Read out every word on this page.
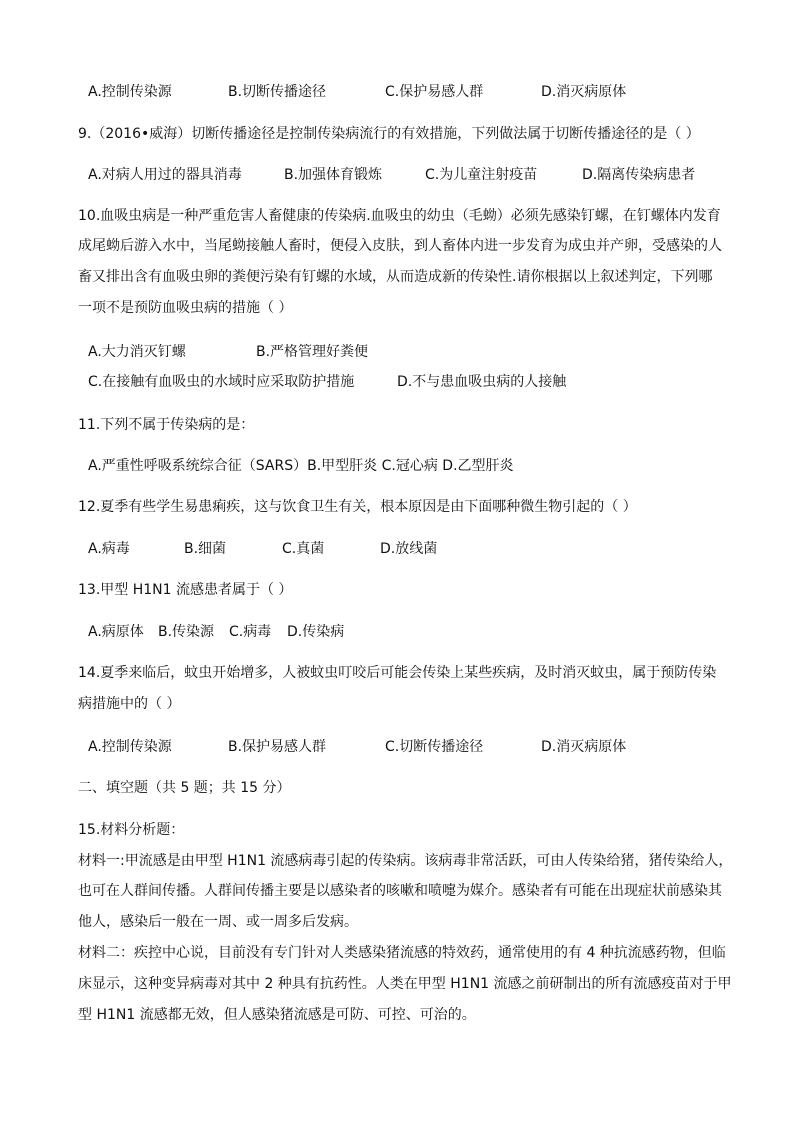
A.控制传染源	B.切断传播途径	C.保护易感人群	D.消灭病原体
9.（2016•威海）切断传播途径是控制传染病流行的有效措施，下列做法属于切断传播途径的是（ ）
A.对病人用过的器具消毒	B.加强体育锻炼	C.为儿童注射疫苗	D.隔离传染病患者
10.血吸虫病是一种严重危害人畜健康的传染病.血吸虫的幼虫（毛蚴）必须先感染钉螺，在钉螺体内发育
成尾蚴后游入水中，当尾蚴接触人畜时，便侵入皮肤，到人畜体内进一步发育为成虫并产卵，受感染的人
畜又排出含有血吸虫卵的粪便污染有钉螺的水域，从而造成新的传染性.请你根据以上叙述判定，下列哪
一项不是预防血吸虫病的措施（ ）
A.大力消灭钉螺	B.严格管理好粪便
C.在接触有血吸虫的水域时应采取防护措施	D.不与患血吸虫病的人接触
11.下列不属于传染病的是：
A.严重性呼吸系统综合征（SARS）B.甲型肝炎 C.冠心病 D.乙型肝炎
12.夏季有些学生易患痢疾，这与饮食卫生有关，根本原因是由下面哪种微生物引起的（ ）
A.病毒	B.细菌	C.真菌	D.放线菌
13.甲型 H1N1 流感患者属于（ ）
A.病原体 B.传染源 C.病毒 D.传染病
14.夏季来临后，蚊虫开始增多，人被蚊虫叮咬后可能会传染上某些疾病，及时消灭蚊虫，属于预防传染
病措施中的（ ）
A.控制传染源	B.保护易感人群	C.切断传播途径	D.消灭病原体
二、填空题（共 5 题；共 15 分）
15.材料分析题：
材料一:甲流感是由甲型 H1N1 流感病毒引起的传染病。该病毒非常活跃，可由人传染给猪，猪传染给人，
也可在人群间传播。人群间传播主要是以感染者的咳嗽和喷嚏为媒介。感染者有可能在出现症状前感染其
他人，感染后一般在一周、或一周多后发病。
材料二：疾控中心说，目前没有专门针对人类感染猪流感的特效药，通常使用的有 4 种抗流感药物，但临
床显示，这种变异病毒对其中 2 种具有抗药性。人类在甲型 H1N1 流感之前研制出的所有流感疫苗对于甲
型 H1N1 流感都无效，但人感染猪流感是可防、可控、可治的。
